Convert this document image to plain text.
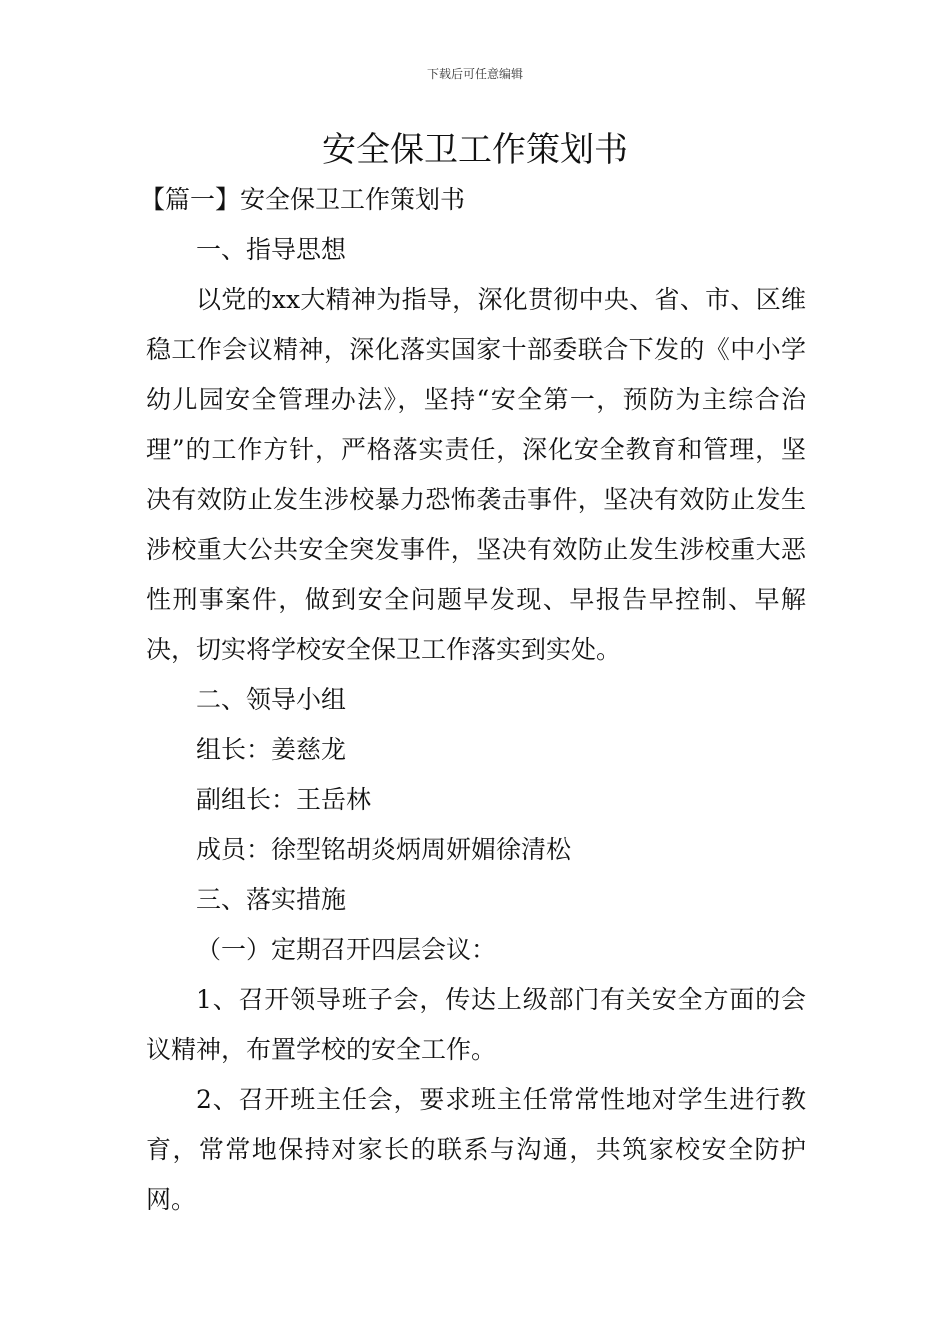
下载后可任意编辑
安全保卫工作策划书

【篇一】安全保卫工作策划书

一、指导思想

以党的xx大精神为指导，深化贯彻中央、省、市、区维稳工作会议精神，深化落实国家十部委联合下发的《中小学幼儿园安全管理办法》，坚持“安全第一，预防为主综合治理”的工作方针，严格落实责任，深化安全教育和管理，坚决有效防止发生涉校暴力恐怖袭击事件，坚决有效防止发生涉校重大公共安全突发事件，坚决有效防止发生涉校重大恶性刑事案件，做到安全问题早发现、早报告早控制、早解决，切实将学校安全保卫工作落实到实处。

二、领导小组

组长：姜慈龙

副组长：王岳林

成员：徐型铭胡炎炳周妍媚徐清松

三、落实措施

（一）定期召开四层会议：

1、召开领导班子会，传达上级部门有关安全方面的会议精神，布置学校的安全工作。

2、召开班主任会，要求班主任常常性地对学生进行教育，常常地保持对家长的联系与沟通，共筑家校安全防护网。
